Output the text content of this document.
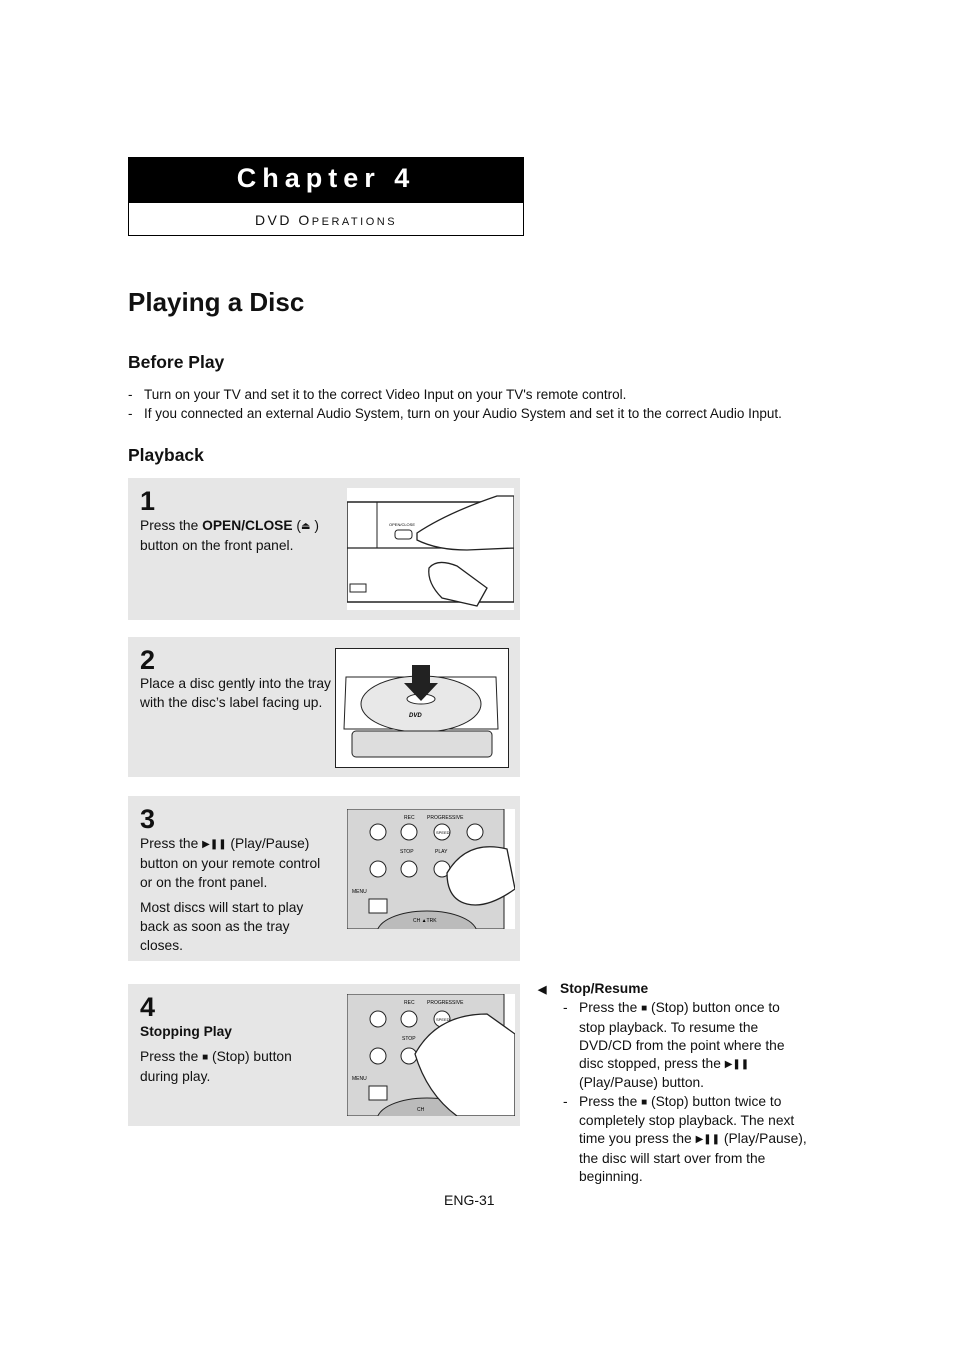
Chapter 4
DVD OPERATIONS
Playing a Disc
Before Play
- Turn on your TV and set it to the correct Video Input on your TV's remote control.
- If you connected an external Audio System, turn on your Audio System and set it to the correct Audio Input.
Playback
1
Press the OPEN/CLOSE (⏏ )
button on the front panel.
OPEN/CLOSE
2
Place a disc gently into the tray
with the disc’s label facing up.
DVD
3
Press the ▶❚❚ (Play/Pause)
button on your remote control
or on the front panel.
Most discs will start to play
back as soon as the tray
closes.
REC PROGRESSIVE
SPEED
STOP	PLAY
MENU
CH ▲TRK
4
Stopping Play
Press the ■ (Stop) button
during play.
REC PROGRESSIVE
SPEED
STOP
MENU
CH
◀ Stop/Resume
- Press the ■ (Stop) button once to
stop playback. To resume the
DVD/CD from the point where the
disc stopped, press the ▶❚❚
(Play/Pause) button.
- Press the ■ (Stop) button twice to
completely stop playback. The next
time you press the ▶❚❚ (Play/Pause),
the disc will start over from the
beginning.
ENG-31
